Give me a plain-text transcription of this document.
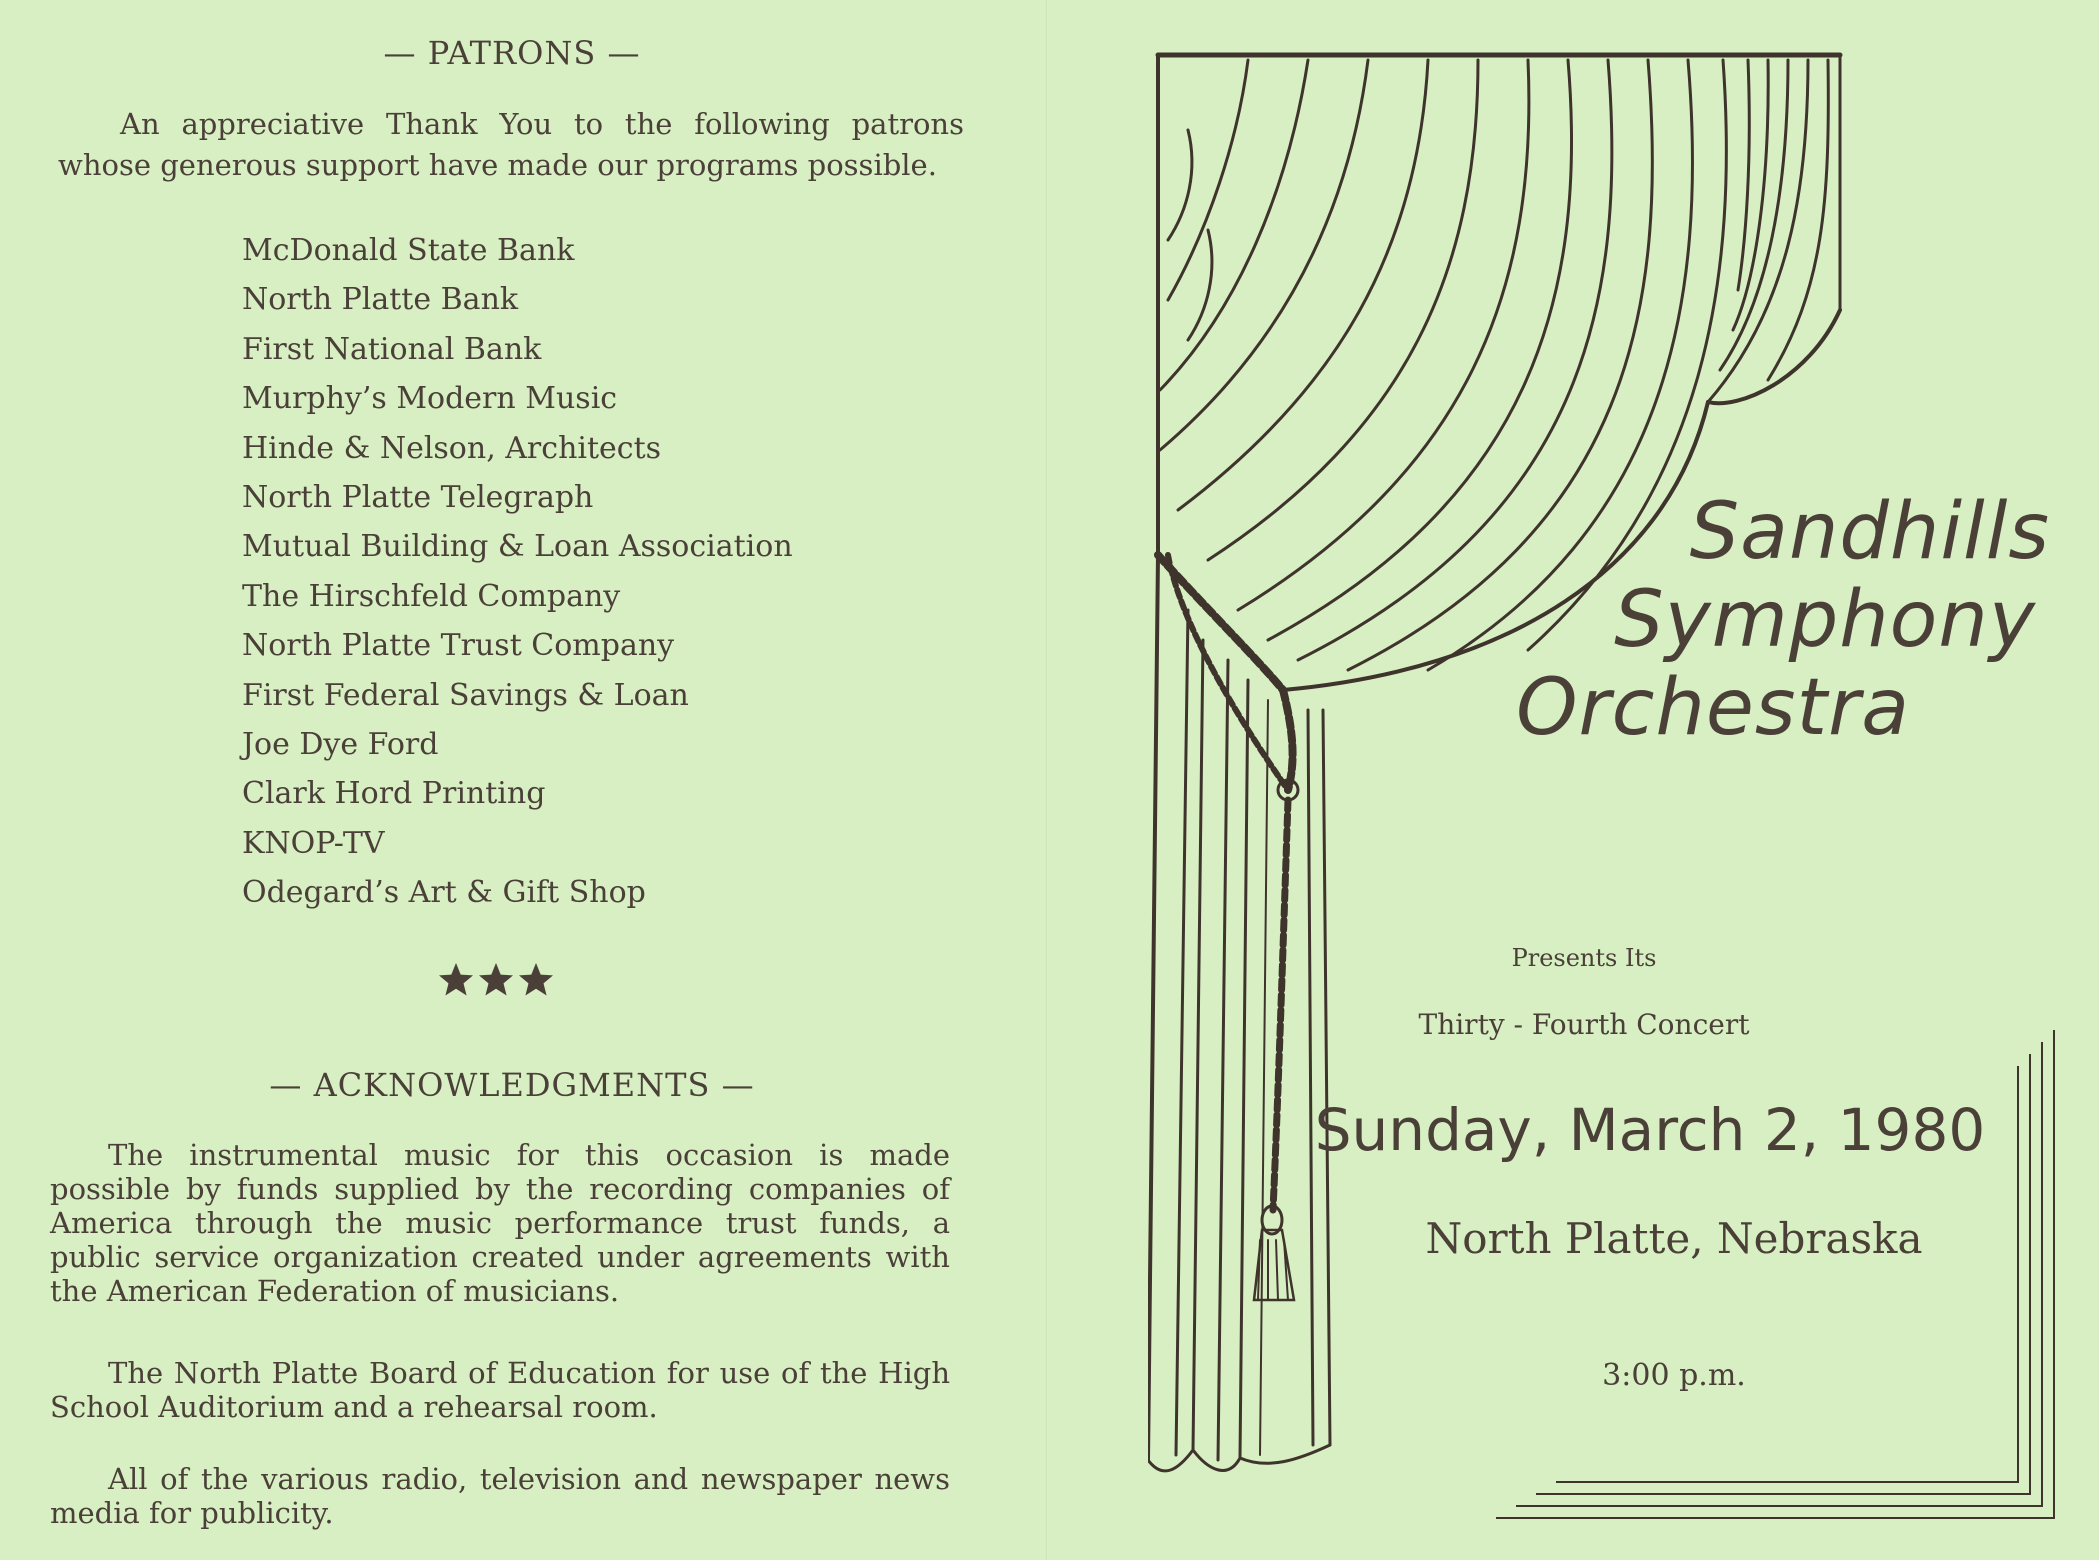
— PATRONS —
An appreciative Thank You to the following patrons whose generous support have made our programs possible.
McDonald State Bank
North Platte Bank
First National Bank
Murphy’s Modern Music
Hinde & Nelson, Architects
North Platte Telegraph
Mutual Building & Loan Association
The Hirschfeld Company
North Platte Trust Company
First Federal Savings & Loan
Joe Dye Ford
Clark Hord Printing
KNOP-TV
Odegard’s Art & Gift Shop
— ACKNOWLEDGMENTS —
The instrumental music for this occasion is made possible by funds supplied by the recording companies of America through the music performance trust funds, a public service organization created under agreements with the American Federation of musicians.
The North Platte Board of Education for use of the High School Auditorium and a rehearsal room.
All of the various radio, television and newspaper news media for publicity.
Sandhills
Symphony
Orchestra
Presents Its
Thirty - Fourth Concert
Sunday, March 2, 1980
North Platte, Nebraska
3:00 p.m.
